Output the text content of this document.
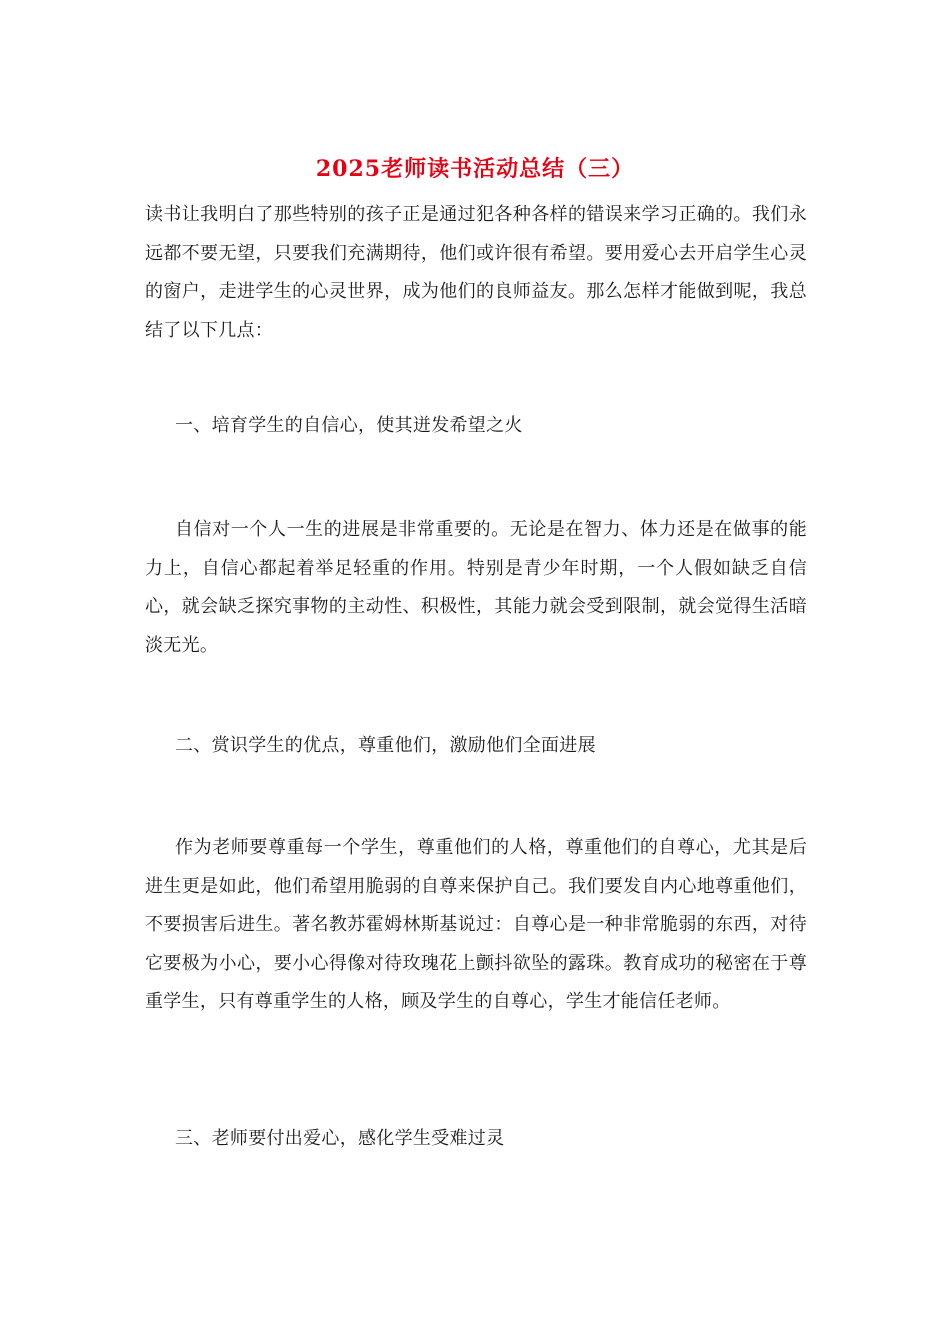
2025老师读书活动总结（三）

读书让我明白了那些特别的孩子正是通过犯各种各样的错误来学习正确的。我们永远都不要无望，只要我们充满期待，他们或许很有希望。要用爱心去开启学生心灵的窗户，走进学生的心灵世界，成为他们的良师益友。那么怎样才能做到呢，我总结了以下几点：

一、培育学生的自信心，使其迸发希望之火

自信对一个人一生的进展是非常重要的。无论是在智力、体力还是在做事的能力上，自信心都起着举足轻重的作用。特别是青少年时期，一个人假如缺乏自信心，就会缺乏探究事物的主动性、积极性，其能力就会受到限制，就会觉得生活暗淡无光。

二、赏识学生的优点，尊重他们，激励他们全面进展

作为老师要尊重每一个学生，尊重他们的人格，尊重他们的自尊心，尤其是后进生更是如此，他们希望用脆弱的自尊来保护自己。我们要发自内心地尊重他们，不要损害后进生。著名教苏霍姆林斯基说过：自尊心是一种非常脆弱的东西，对待它要极为小心，要小心得像对待玫瑰花上颤抖欲坠的露珠。教育成功的秘密在于尊重学生，只有尊重学生的人格，顾及学生的自尊心，学生才能信任老师。

三、老师要付出爱心，感化学生受难过灵
